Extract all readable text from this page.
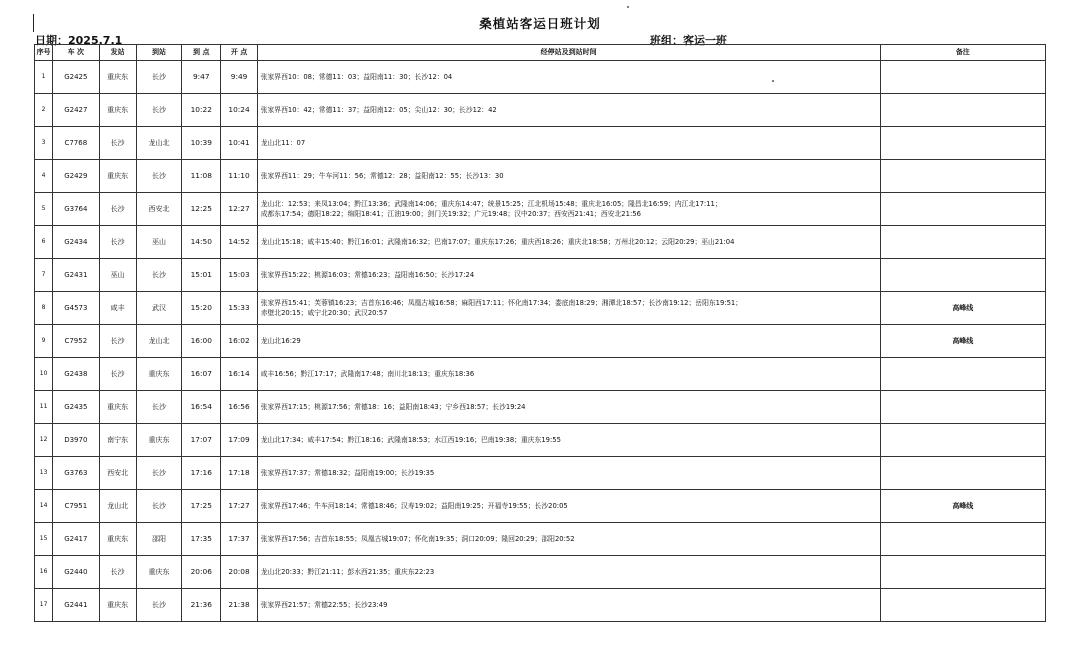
桑植站客运日班计划
日期：2025.7.1	班组：客运一班
序号	车 次	发站	到站	到 点	开 点	经停站及到站时间	备注
1	G2425	重庆东	长沙	9:47	9:49	张家界西10：08；常德11：03；益阳南11：30；长沙12：04	

2	G2427	重庆东	长沙	10:22	10:24	张家界西10：42；常德11：37；益阳南12：05；尖山12：30；长沙12：42	

3	C7768	长沙	龙山北	10:39	10:41	龙山北11：07	

4	G2429	重庆东	长沙	11:08	11:10	张家界西11：29；牛车河11：56；常德12：28；益阳南12：55；长沙13：30	

5	G3764	长沙	西安北	12:25	12:27	龙山北：12:53；来凤13:04；黔江13:36；武隆南14:06；重庆东14:47；统景15:25；江北机场15:48；重庆北16:05；隆昌北16:59；内江北17:11；
成都东17:54；德阳18:22；绵阳18:41；江油19:00；剑门关19:32；广元19:48；汉中20:37；西安西21:41；西安北21:56	

6	G2434	长沙	巫山	14:50	14:52	龙山北15:18；咸丰15:40；黔江16:01；武隆南16:32；巴南17:07；重庆东17:26；重庆西18:26；重庆北18:58；万州北20:12；云阳20:29；巫山21:04	

7	G2431	巫山	长沙	15:01	15:03	张家界西15:22；桃源16:03；常德16:23；益阳南16:50；长沙17:24	

8	G4573	咸丰	武汉	15:20	15:33	张家界西15:41；芙蓉镇16:23；吉首东16:46；凤凰古城16:58；麻阳西17:11；怀化南17:34；娄底南18:29；湘潭北18:57；长沙南19:12；岳阳东19:51；
赤壁北20:15；咸宁北20:30；武汉20:57	高峰线
9	C7952	长沙	龙山北	16:00	16:02	龙山北16:29	高峰线
10	G2438	长沙	重庆东	16:07	16:14	咸丰16:56；黔江17:17；武隆南17:48；南川北18:13；重庆东18:36	

11	G2435	重庆东	长沙	16:54	16:56	张家界西17:15；桃源17:56；常德18：16；益阳南18:43；宁乡西18:57；长沙19:24	

12	D3970	南宁东	重庆东	17:07	17:09	龙山北17:34；咸丰17:54；黔江18:16；武隆南18:53；水江西19:16；巴南19:38；重庆东19:55	

13	G3763	西安北	长沙	17:16	17:18	张家界西17:37；常德18:32；益阳南19:00；长沙19:35	

14	C7951	龙山北	长沙	17:25	17:27	张家界西17:46；牛车河18:14；常德18:46；汉寿19:02；益阳南19:25；开福寺19:55；长沙20:05	高峰线
15	G2417	重庆东	邵阳	17:35	17:37	张家界西17:56；吉首东18:55；凤凰古城19:07；怀化南19:35；洞口20:09；隆回20:29；邵阳20:52	

16	G2440	长沙	重庆东	20:06	20:08	龙山北20:33；黔江21:11；彭水西21:35；重庆东22:23	

17	G2441	重庆东	长沙	21:36	21:38	张家界西21:57；常德22:55；长沙23:49	
